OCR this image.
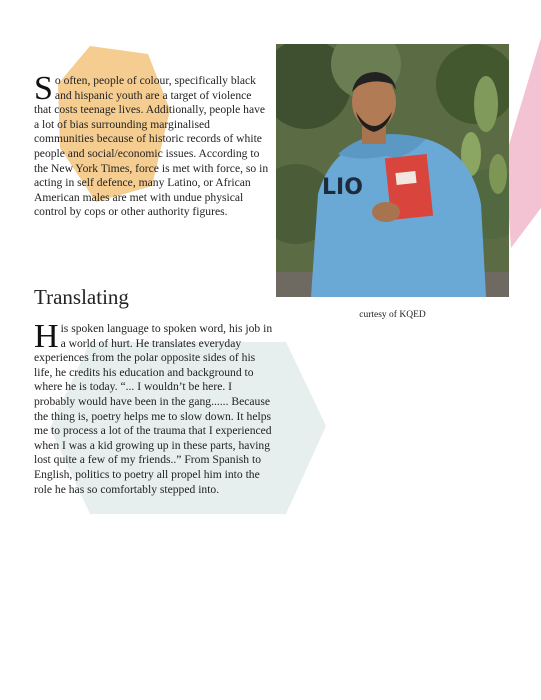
So often, people of colour, specifically black and hispanic youth are a target of violence that costs teenage lives. Additionally, people have a lot of bias surrounding marginalised communities because of historic records of white people and social/economic issues. According to the New York Times, force is met with force, so in acting in self defence, many Latino, or African American males are met with undue physical control by cops or other authority figures.

LIO
curtesy of KQED
Translating

His spoken language to spoken word, his job in a world of hurt. He translates everyday experiences from the polar opposite sides of his life, he credits his education and background to where he is today. “... I wouldn’t be here. I probably would have been in the gang...... Because the thing is, poetry helps me to slow down. It helps me to process a lot of the trauma that I experienced when I was a kid growing up in these parts, having lost quite a few of my friends..” From Spanish to English, politics to poetry all propel him into the role he has so comfortably stepped into.
